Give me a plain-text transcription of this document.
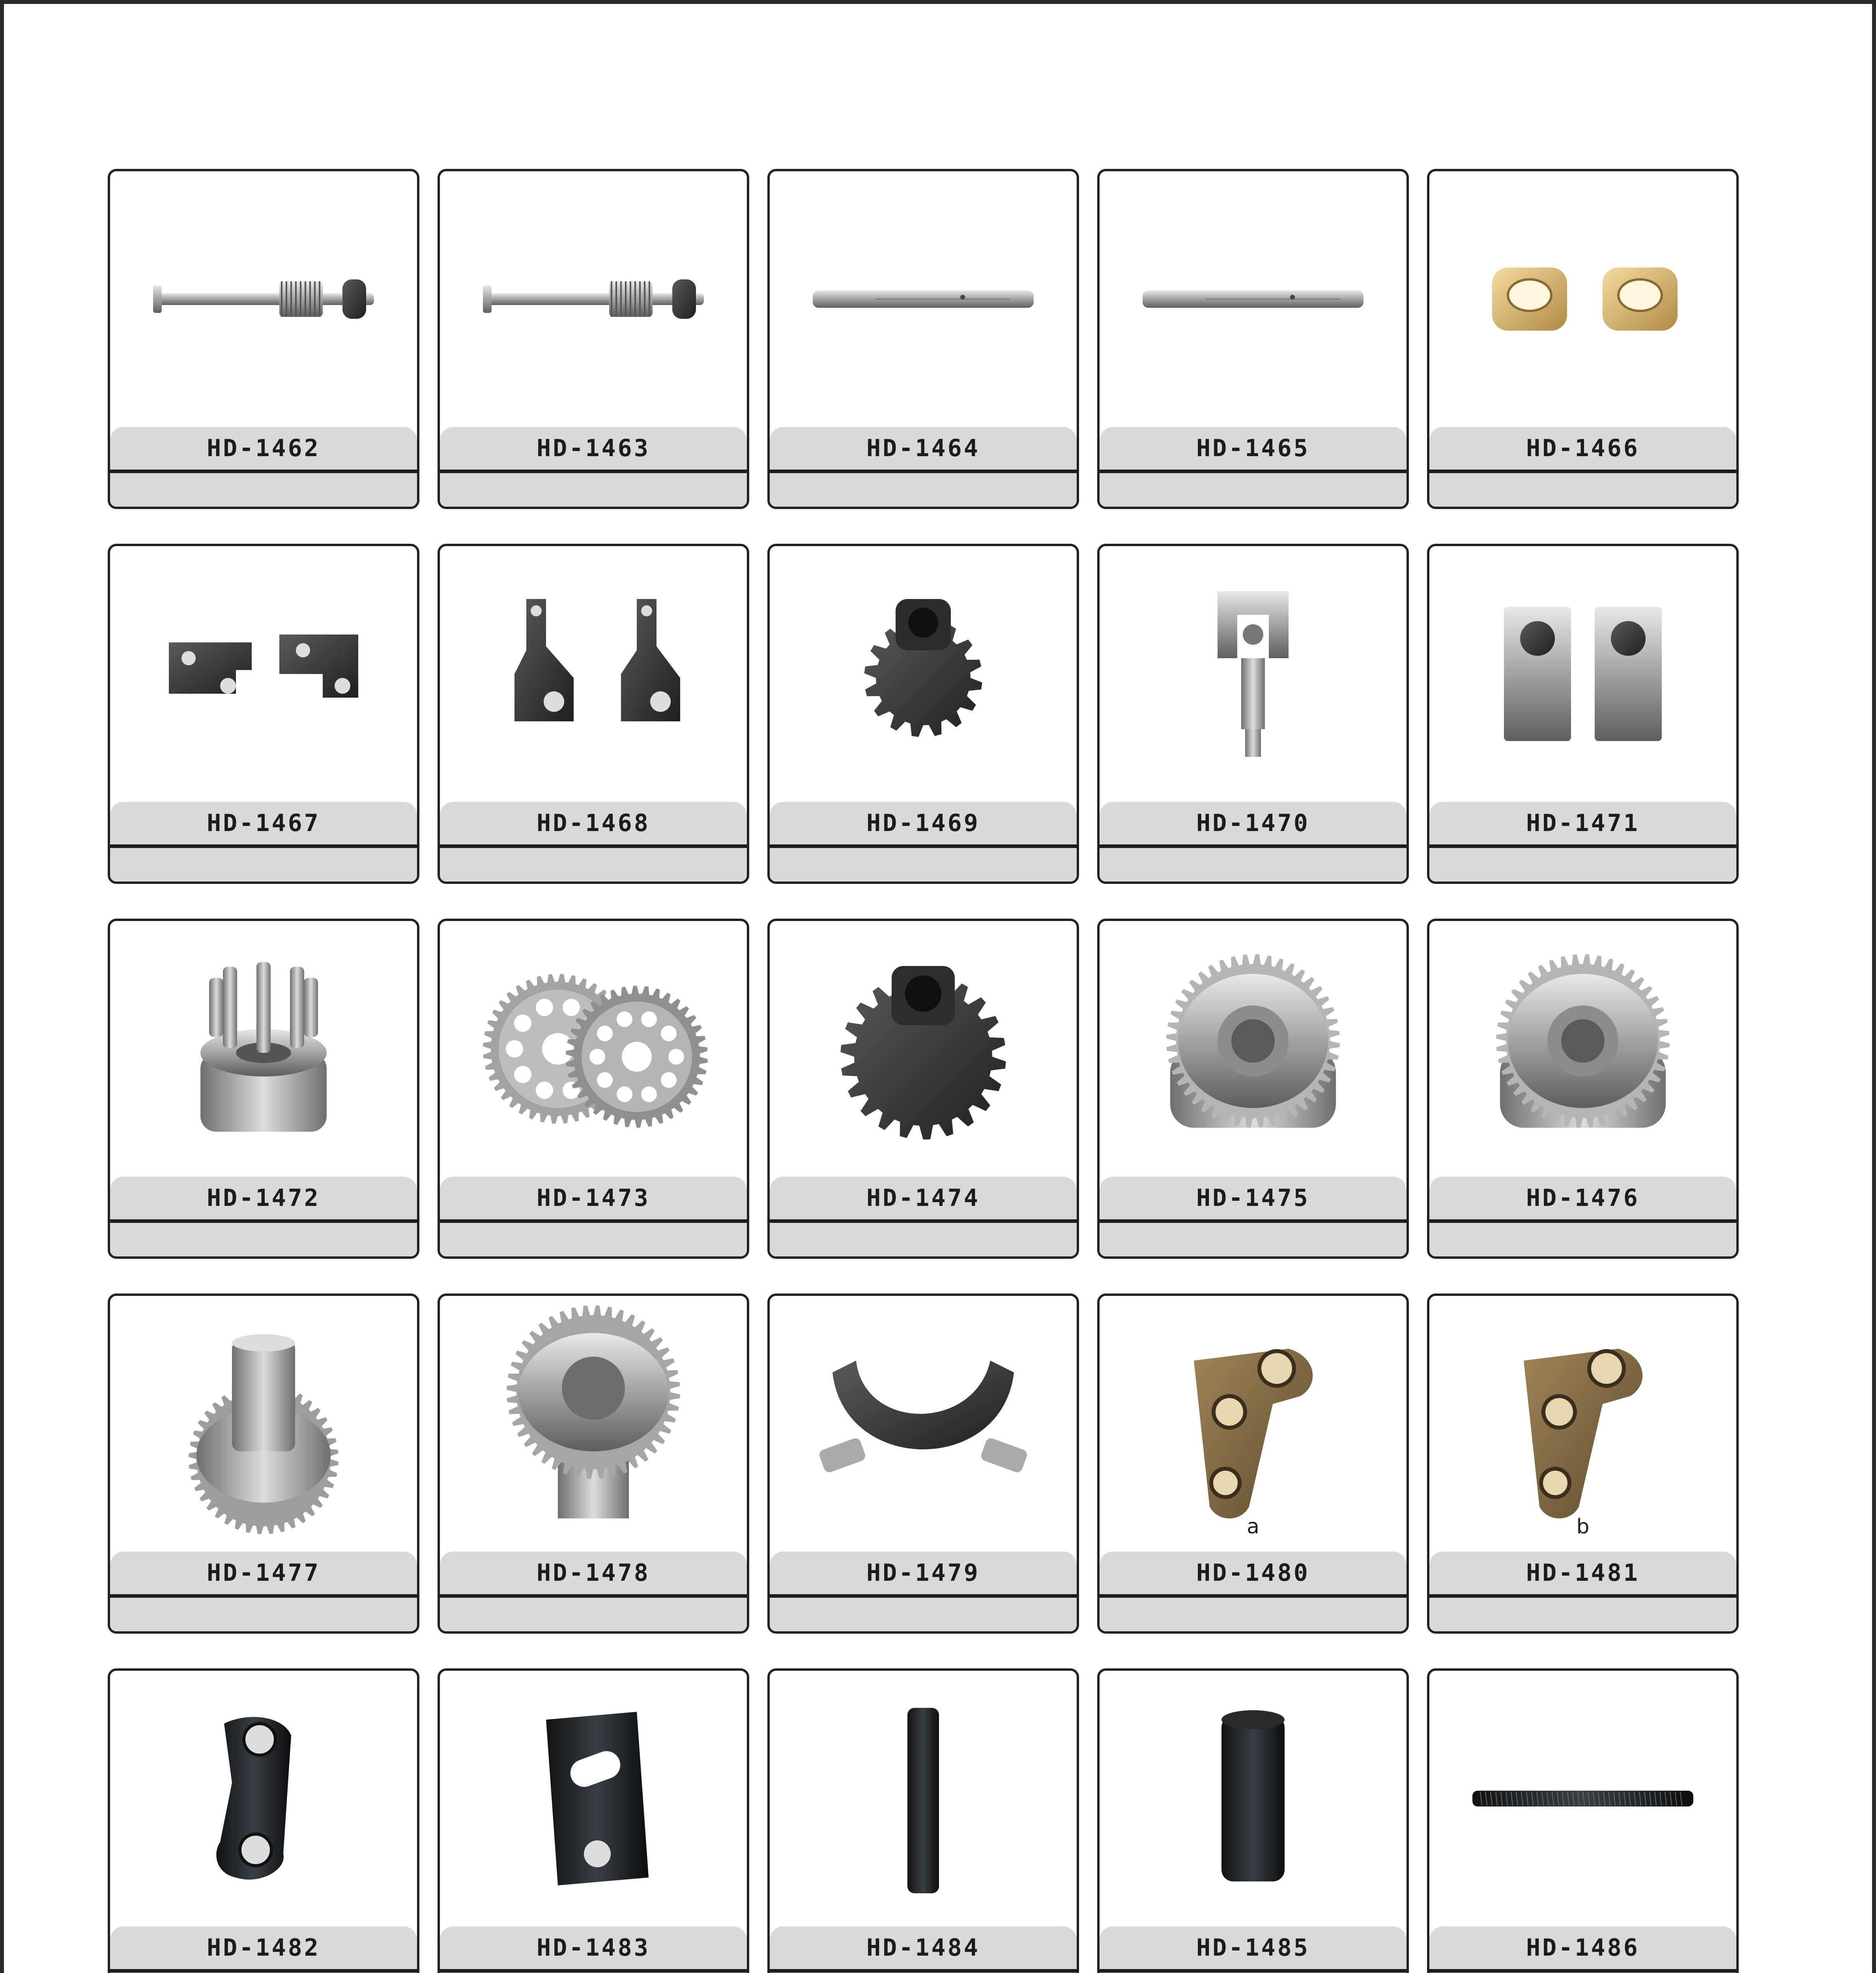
HD-1462	HD-1463	HD-1464	HD-1465	HD-1466
HD-1467	HD-1468	HD-1469	HD-1470	HD-1471
HD-1472	HD-1473	HD-1474	HD-1475	HD-1476
HD-1477	HD-1478	HD-1479
a
HD-1480
b
HD-1481
HD-1482	HD-1483	HD-1484	HD-1485	HD-1486
